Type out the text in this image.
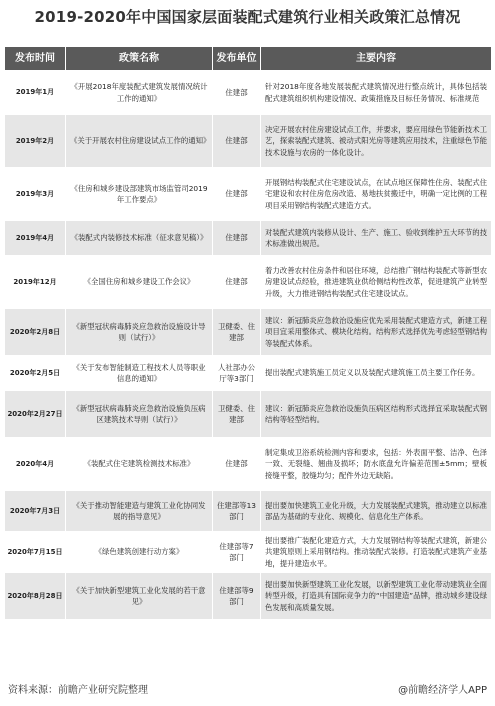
2019-2020年中国国家层面装配式建筑行业相关政策汇总情况
发布时间	政策名称	发布单位	主要内容
2019年1月	《开展2018年度装配式建筑发展情况统计工作的通知》	住建部	针对2018年度各地发展装配式建筑情况进行整点统计，具体包括装配式建筑组织机构建设情况、政策措施及目标任务情况、标准规范
2019年2月	《关于开展农村住房建设试点工作的通知》	住建部	决定开展农村住房建设试点工作，并要求，要应用绿色节能新技术工艺，探索装配式建筑、被动式阳光房等建筑应用技术，注重绿色节能技术设施与农房的一体化设计。
2019年3月	《住房和城乡建设部建筑市场监管司2019年工作要点》	住建部	开展钢结构装配式住宅建设试点，在试点地区保障性住房、装配式住宅建设和农村住房危房改造、易地扶贫搬迁中，明确一定比例的工程项目采用钢结构装配式建造方式。
2019年4月	《装配式内装修技术标准（征求意见稿）》	住建部	对装配式建筑内装修从设计、生产、施工、验收到维护五大环节的技术标准做出规范。
2019年12月	《全国住房和城乡建设工作会议》	住建部	着力改善农村住房条件和居住环境，总结推广钢结构装配式等新型农房建设试点经验，推进建筑业供给侧结构性改革，促进建筑产业转型升级，大力推进钢结构装配式住宅建设试点。
2020年2月8日	《新型冠状病毒肺炎应急救治设施设计导则（试行）》	卫健委、住建部	建议：新冠肺炎应急救治设施应优先采用装配式建造方式，新建工程项目宜采用整体式、模块化结构。结构形式选择优先考虑轻型钢结构等装配式体系。
2020年2月5日	《关于发布智能制造工程技术人员等职业信息的通知》	人社部办公厅等3部门	提出装配式建筑施工员定义以及装配式建筑施工员主要工作任务。
2020年2月27日	《新型冠状病毒肺炎应急救治设施负压病区建筑技术导则（试行）》	卫健委、住建部	建议：新冠肺炎应急救治设施负压病区结构形式选择宜采取装配式钢结构等轻型结构。
2020年4月	《装配式住宅建筑检测技术标准》	住建部	制定集成卫浴系统检测内容和要求，包括：外表面平整、洁净、色泽一致、无裂缝、翘曲及损坏；防水底盘允许偏差范围±5mm；壁板接缝平整，胶缝均匀；配件外边无缺陷。
2020年7月3日	《关于推动智能建造与建筑工业化协同发展的指导意见》	住建部等13部门	提出要加快建筑工业化升级，大力发展装配式建筑，推动建立以标准部品为基础的专业化、规模化、信息化生产体系。
2020年7月15日	《绿色建筑创建行动方案》	住建部等7部门	提出要推广装配化建造方式，大力发展钢结构等装配式建筑，新建公共建筑原则上采用钢结构。推动装配式装修。打造装配式建筑产业基地，提升建造水平。
2020年8月28日	《关于加快新型建筑工业化发展的若干意见》	住建部等9部门	提出要加快新型建筑工业化发展，以新型建筑工业化带动建筑业全面转型升级，打造具有国际竞争力的“中国建造”品牌，推动城乡建设绿色发展和高质量发展。
资料来源：前瞻产业研究院整理	@前瞻经济学人APP
